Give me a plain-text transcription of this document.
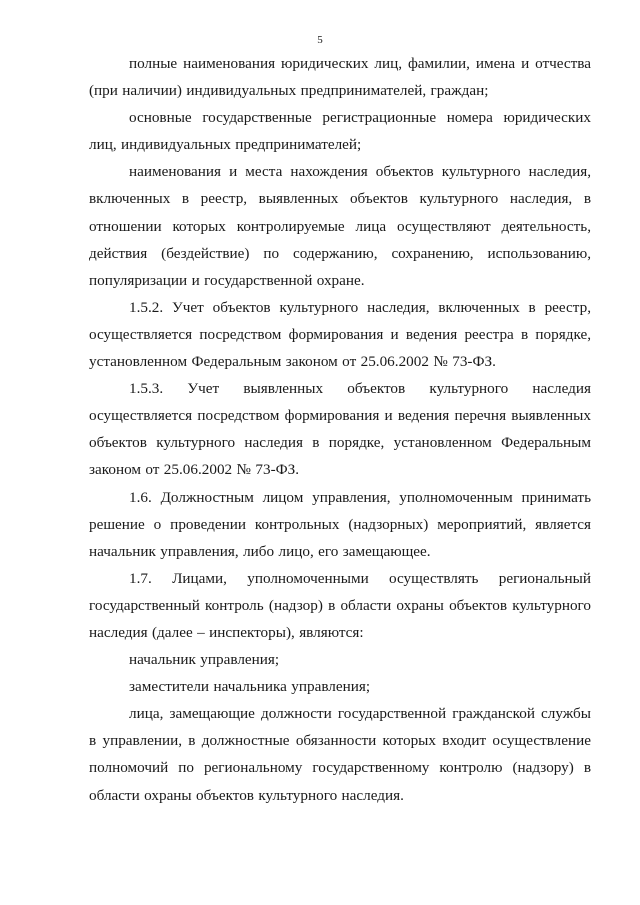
5

полные наименования юридических лиц, фамилии, имена и отчества (при наличии) индивидуальных предпринимателей, граждан;

основные государственные регистрационные номера юридических лиц, индивидуальных предпринимателей;

наименования и места нахождения объектов культурного наследия, включенных в реестр, выявленных объектов культурного наследия, в отношении которых контролируемые лица осуществляют деятельность, действия (бездействие) по содержанию, сохранению, использованию, популяризации и государственной охране.

1.5.2. Учет объектов культурного наследия, включенных в реестр, осуществляется посредством формирования и ведения реестра в порядке, установленном Федеральным законом от 25.06.2002 № 73-ФЗ.

1.5.3. Учет выявленных объектов культурного наследия осуществляется посредством формирования и ведения перечня выявленных объектов культурного наследия в порядке, установленном Федеральным законом от 25.06.2002 № 73-ФЗ.

1.6. Должностным лицом управления, уполномоченным принимать решение о проведении контрольных (надзорных) мероприятий, является начальник управления, либо лицо, его замещающее.

1.7. Лицами, уполномоченными осуществлять региональный государственный контроль (надзор) в области охраны объектов культурного наследия (далее – инспекторы), являются:

начальник управления;

заместители начальника управления;

лица, замещающие должности государственной гражданской службы в управлении, в должностные обязанности которых входит осуществление полномочий по региональному государственному контролю (надзору) в области охраны объектов культурного наследия.
